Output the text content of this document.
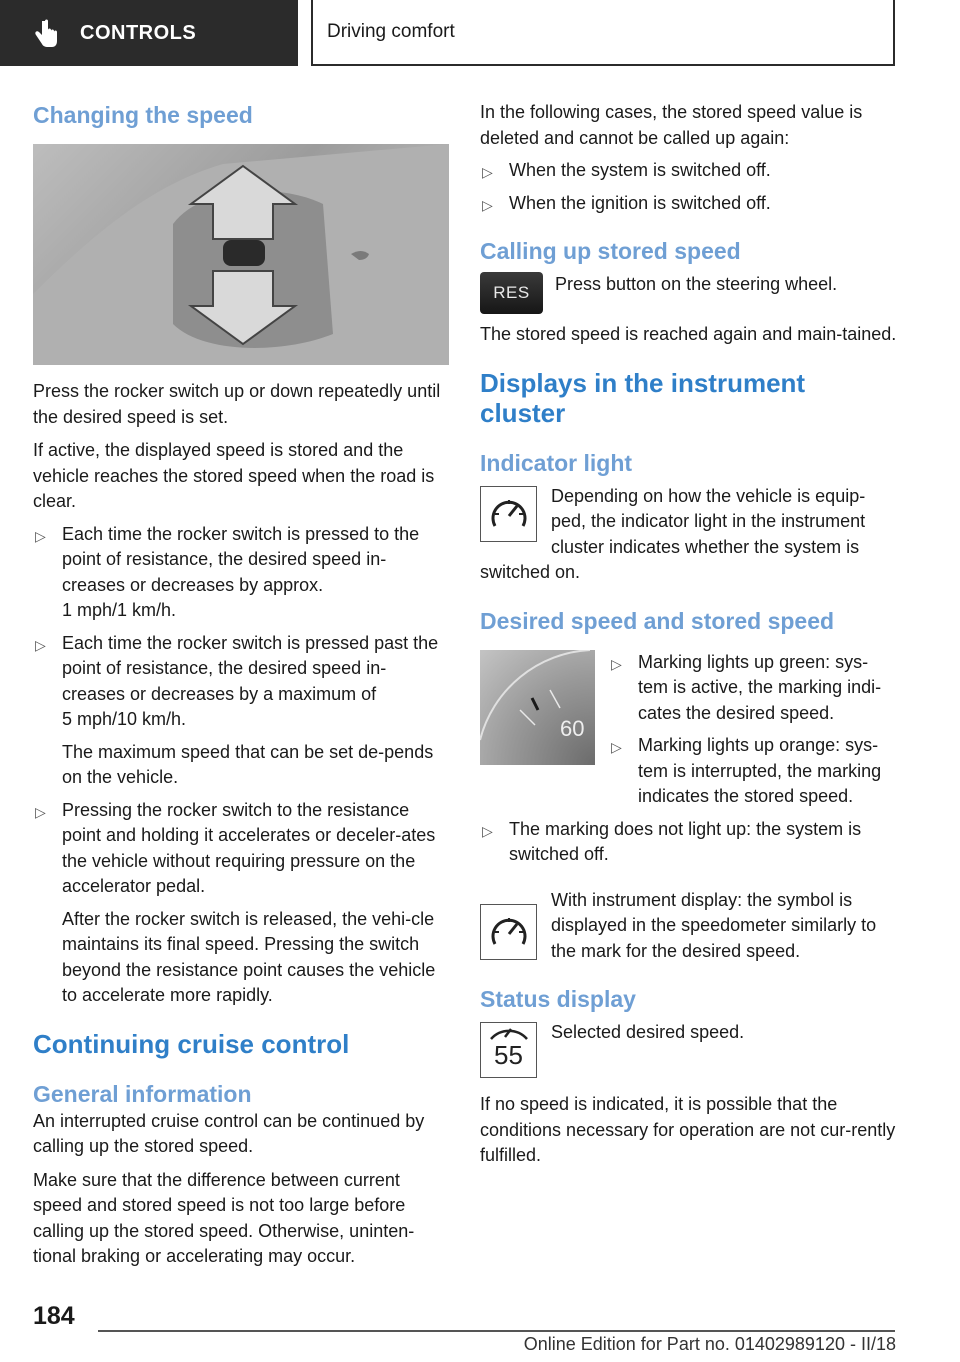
CONTROLS	Driving comfort
Changing the speed

Press the rocker switch up or down repeatedly until the desired speed is set.

If active, the displayed speed is stored and the vehicle reaches the stored speed when the road is clear.

▷ Each time the rocker switch is pressed to the point of resistance, the desired speed in-creases or decreases by approx.
1 mph/1 km/h.
▷ Each time the rocker switch is pressed past the point of resistance, the desired speed in-creases or decreases by a maximum of
5 mph/10 km/h.

The maximum speed that can be set de-pends on the vehicle.

▷ Pressing the rocker switch to the resistance point and holding it accelerates or deceler-ates the vehicle without requiring pressure on the accelerator pedal.

After the rocker switch is released, the vehi-cle maintains its final speed. Pressing the switch beyond the resistance point causes the vehicle to accelerate more rapidly.

Continuing cruise control
General information

An interrupted cruise control can be continued by calling up the stored speed.

Make sure that the difference between current speed and stored speed is not too large before calling up the stored speed. Otherwise, uninten-tional braking or accelerating may occur.

In the following cases, the stored speed value is deleted and cannot be called up again:

▷ When the system is switched off.
▷ When the ignition is switched off.
Calling up stored speed
RES	Press button on the steering wheel.

The stored speed is reached again and main-tained.

Displays in the instrument cluster
Indicator light

Depending on how the vehicle is equip-ped, the indicator light in the instrument cluster indicates whether the system is switched on.

Desired speed and stored speed
60
▷ Marking lights up green: sys-tem is active, the marking indi-cates the desired speed.
▷ Marking lights up orange: sys-tem is interrupted, the marking indicates the stored speed.
▷ The marking does not light up: the system is switched off.

With instrument display: the symbol is displayed in the speedometer similarly to the mark for the desired speed.

Status display
55

Selected desired speed.

If no speed is indicated, it is possible that the conditions necessary for operation are not cur-rently fulfilled.

184
Online Edition for Part no. 01402989120 - II/18
